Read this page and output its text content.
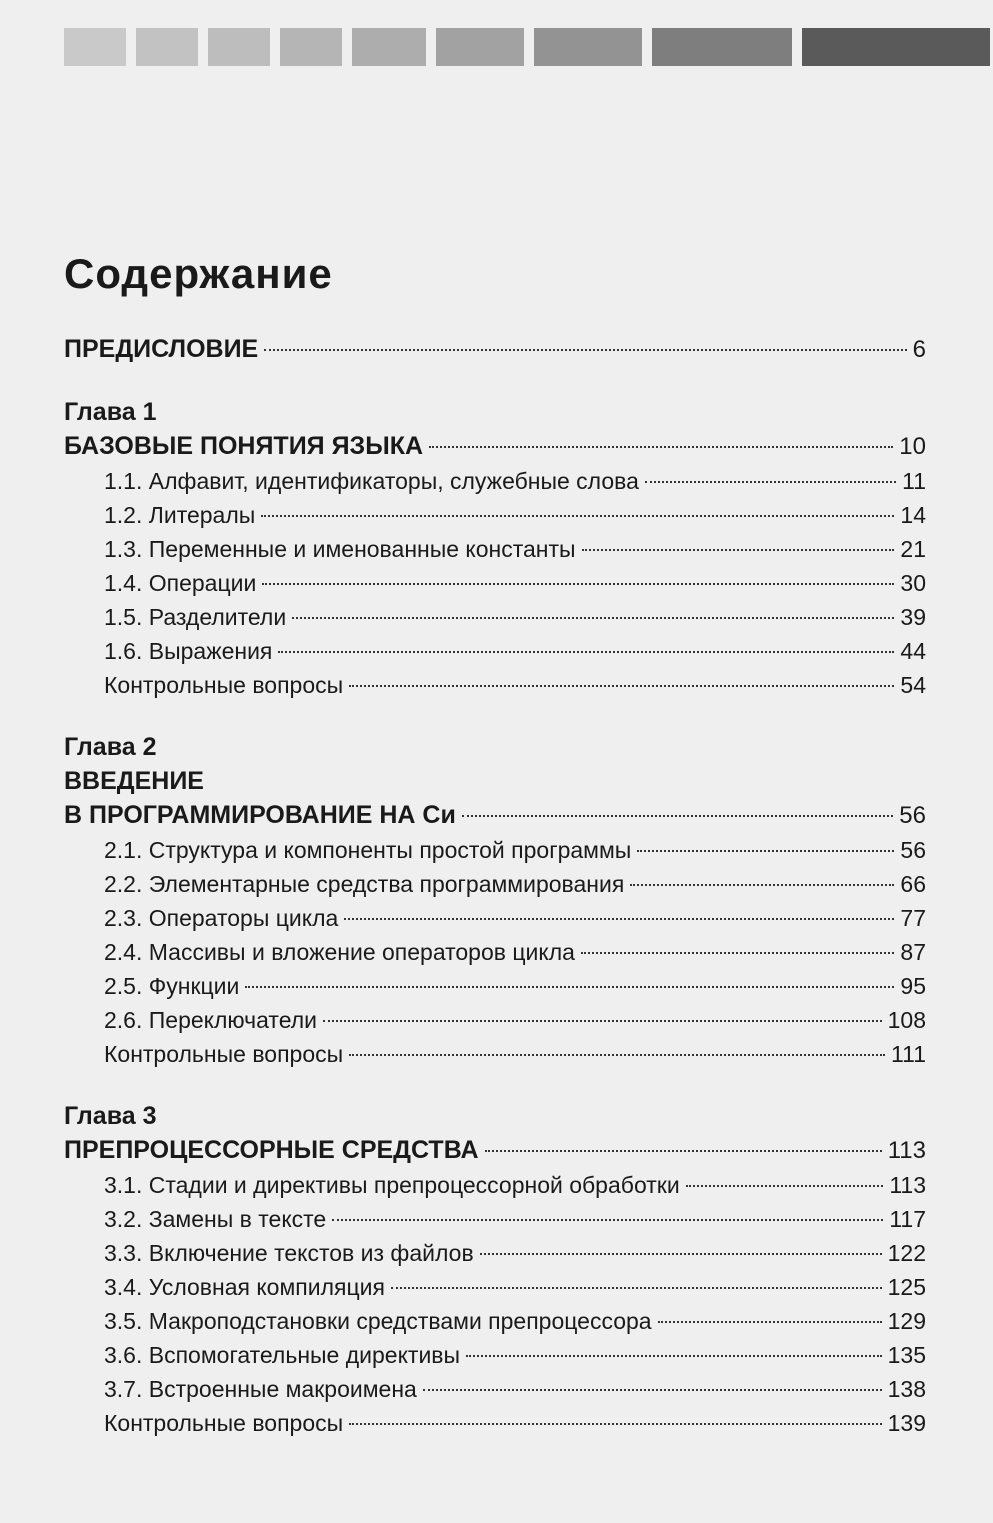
Содержание
ПРЕДИСЛОВИЕ	6
Глава 1
БАЗОВЫЕ ПОНЯТИЯ ЯЗЫКА	10
1.1. Алфавит, идентификаторы, служебные слова	11
1.2. Литералы	14
1.3. Переменные и именованные константы	21
1.4. Операции	30
1.5. Разделители	39
1.6. Выражения	44
Контрольные вопросы	54
Глава 2
ВВЕДЕНИЕ
В ПРОГРАММИРОВАНИЕ НА Си	56
2.1. Структура и компоненты простой программы	56
2.2. Элементарные средства программирования	66
2.3. Операторы цикла	77
2.4. Массивы и вложение операторов цикла	87
2.5. Функции	95
2.6. Переключатели	108
Контрольные вопросы	111
Глава 3
ПРЕПРОЦЕССОРНЫЕ СРЕДСТВА	113
3.1. Стадии и директивы препроцессорной обработки	113
3.2. Замены в тексте	117
3.3. Включение текстов из файлов	122
3.4. Условная компиляция	125
3.5. Макроподстановки средствами препроцессора	129
3.6. Вспомогательные директивы	135
3.7. Встроенные макроимена	138
Контрольные вопросы	139
